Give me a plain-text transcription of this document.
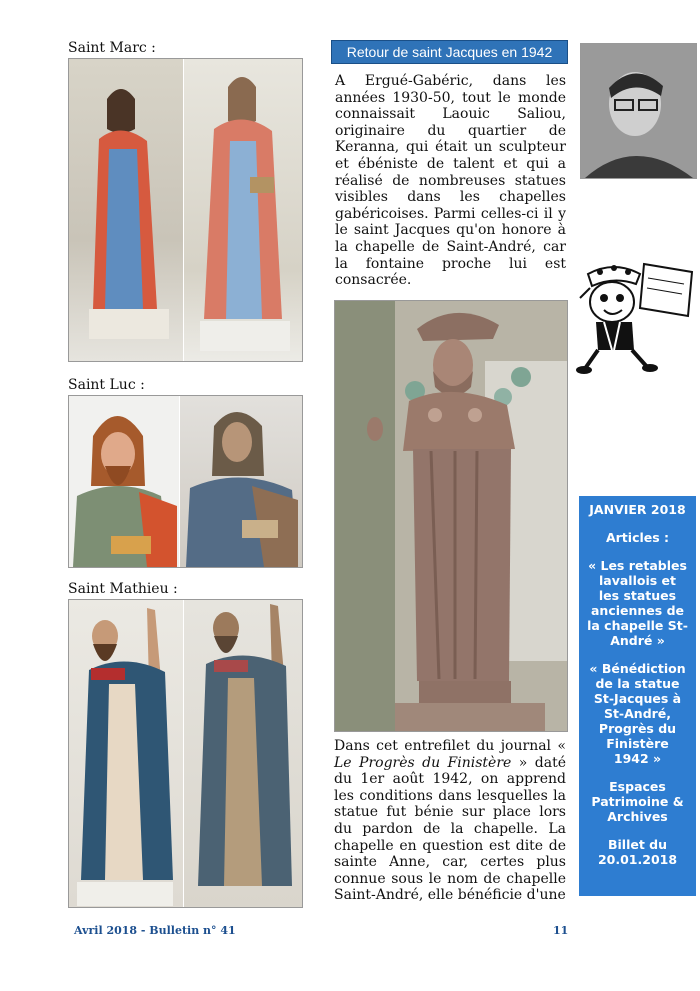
Saint Marc :
Saint Luc :
Saint Mathieu :
Retour de saint Jacques en 1942
A Ergué-Gabéric, dans les années 1930-50, tout le monde connaissait Laouic Saliou, originaire du quartier de Keranna, qui était un sculpteur et ébéniste de talent et qui a réalisé de nombreuses statues visibles dans les chapelles gabéricoises. Parmi celles-ci il y le saint Jacques qu'on honore à la chapelle de Saint-André, car la fontaine proche lui est consacrée.
Dans cet entrefilet du journal « Le Progrès du Finistère » daté du 1er août 1942, on apprend les conditions dans lesquelles la statue fut bénie sur place lors du pardon de la chapelle. La chapelle en question est dite de sainte Anne, car, certes plus connue sous le nom de chapelle Saint-André, elle bénéficie d'une

JANVIER 2018

Articles :

« Les retables lavallois et les statues anciennes de la chapelle St-André »

« Bénédiction de la statue St-Jacques à St-André, Progrès du Finistère 1942 »

Espaces Patrimoine & Archives

Billet du 20.01.2018

Avril 2018 - Bulletin n° 41	11
